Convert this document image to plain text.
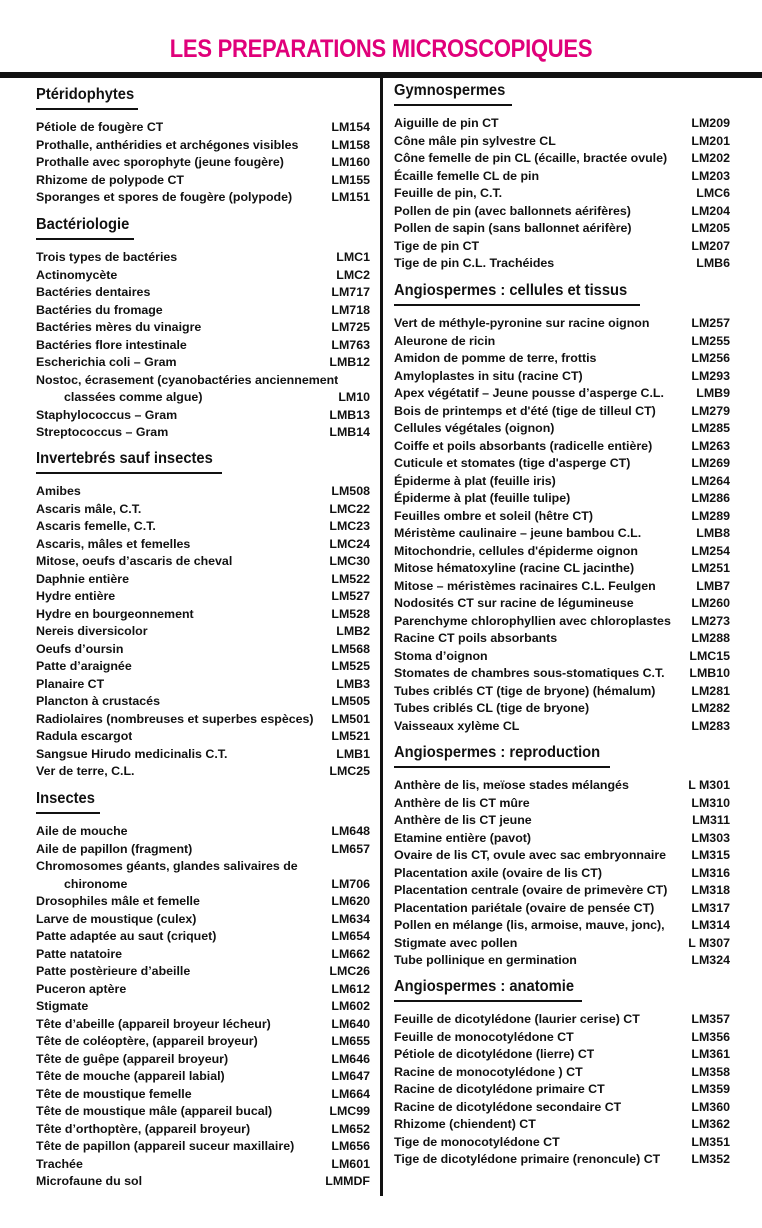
LES PREPARATIONS MICROSCOPIQUES
Ptéridophytes
Pétiole de fougère CT	LM154
Prothalle, anthéridies et archégones visibles	LM158
Prothalle avec sporophyte (jeune fougère)	LM160
Rhizome de polypode CT	LM155
Sporanges et spores de fougère (polypode)	LM151
Bactériologie
Trois types de bactéries	LMC1
Actinomycète	LMC2
Bactéries dentaires	LM717
Bactéries du fromage	LM718
Bactéries mères du vinaigre	LM725
Bactéries flore intestinale	LM763
Escherichia coli – Gram	LMB12
Nostoc, écrasement (cyanobactéries anciennement
classées comme algue)	LM10
Staphylococcus – Gram	LMB13
Streptococcus – Gram	LMB14
Invertebrés sauf insectes
Amibes	LM508
Ascaris mâle, C.T.	LMC22
Ascaris femelle, C.T.	LMC23
Ascaris, mâles et femelles	LMC24
Mitose, oeufs d’ascaris de cheval	LMC30
Daphnie entière	LM522
Hydre entière	LM527
Hydre en bourgeonnement	LM528
Nereis diversicolor	LMB2
Oeufs d’oursin	LM568
Patte d’araignée	LM525
Planaire CT	LMB3
Plancton à crustacés	LM505
Radiolaires (nombreuses et superbes espèces)	LM501
Radula escargot	LM521
Sangsue Hirudo medicinalis C.T.	LMB1
Ver de terre, C.L.	LMC25
Insectes
Aile de mouche	LM648
Aile de papillon (fragment)	LM657
Chromosomes géants, glandes salivaires de
chironome	LM706
Drosophiles mâle et femelle	LM620
Larve de moustique (culex)	LM634
Patte adaptée au saut (criquet)	LM654
Patte natatoire	LM662
Patte postèrieure d’abeille	LMC26
Puceron aptère	LM612
Stigmate	LM602
Tête d’abeille (appareil broyeur lécheur)	LM640
Tête de coléoptère, (appareil broyeur)	LM655
Tête de guêpe (appareil broyeur)	LM646
Tête de mouche (appareil labial)	LM647
Tête de moustique femelle	LM664
Tête de moustique mâle (appareil bucal)	LMC99
Tête d’orthoptère, (appareil broyeur)	LM652
Tête de papillon (appareil suceur maxillaire)	LM656
Trachée	LM601
Microfaune du sol	LMMDF
Gymnospermes
Aiguille de pin CT	LM209
Cône mâle pin sylvestre CL	LM201
Cône femelle de pin CL (écaille, bractée ovule)	LM202
Écaille femelle CL de pin	LM203
Feuille de pin, C.T.	LMC6
Pollen de pin (avec ballonnets aérifères)	LM204
Pollen de sapin (sans ballonnet aérifère)	LM205
Tige de pin CT	LM207
Tige de pin C.L. Trachéides	LMB6
Angiospermes : cellules et tissus
Vert de méthyle-pyronine sur racine oignon	LM257
Aleurone de ricin	LM255
Amidon de pomme de terre, frottis	LM256
Amyloplastes in situ (racine CT)	LM293
Apex végétatif – Jeune pousse d’asperge C.L.	LMB9
Bois de printemps et d'été (tige de tilleul CT)	LM279
Cellules végétales (oignon)	LM285
Coiffe et poils absorbants (radicelle entière)	LM263
Cuticule et stomates (tige d'asperge CT)	LM269
Épiderme à plat (feuille iris)	LM264
Épiderme à plat (feuille tulipe)	LM286
Feuilles ombre et soleil (hêtre CT)	LM289
Méristème caulinaire – jeune bambou C.L.	LMB8
Mitochondrie, cellules d'épiderme oignon	LM254
Mitose hématoxyline (racine CL jacinthe)	LM251
Mitose – méristèmes racinaires C.L. Feulgen	LMB7
Nodosités CT sur racine de légumineuse	LM260
Parenchyme chlorophyllien avec chloroplastes	LM273
Racine CT poils absorbants	LM288
Stoma d’oignon	LMC15
Stomates de chambres sous-stomatiques C.T.	LMB10
Tubes criblés CT (tige de bryone) (hémalum)	LM281
Tubes criblés CL (tige de bryone)	LM282
Vaisseaux xylème CL	LM283
Angiospermes : reproduction
Anthère de lis, meïose stades mélangés	L M301
Anthère de lis CT mûre	LM310
Anthère de lis CT jeune	LM311
Etamine entière (pavot)	LM303
Ovaire de lis CT, ovule avec sac embryonnaire	LM315
Placentation axile (ovaire de lis CT)	LM316
Placentation centrale (ovaire de primevère CT)	LM318
Placentation pariétale (ovaire de pensée CT)	LM317
Pollen en mélange (lis, armoise, mauve, jonc),	LM314
Stigmate avec pollen	L M307
Tube pollinique en germination	LM324
Angiospermes : anatomie
Feuille de dicotylédone (laurier cerise) CT	LM357
Feuille de monocotylédone CT	LM356
Pétiole de dicotylédone (lierre) CT	LM361
Racine de monocotylédone ) CT	LM358
Racine de dicotylédone primaire CT	LM359
Racine de dicotylédone secondaire CT	LM360
Rhizome (chiendent) CT	LM362
Tige de monocotylédone CT	LM351
Tige de dicotylédone primaire (renoncule) CT	LM352
